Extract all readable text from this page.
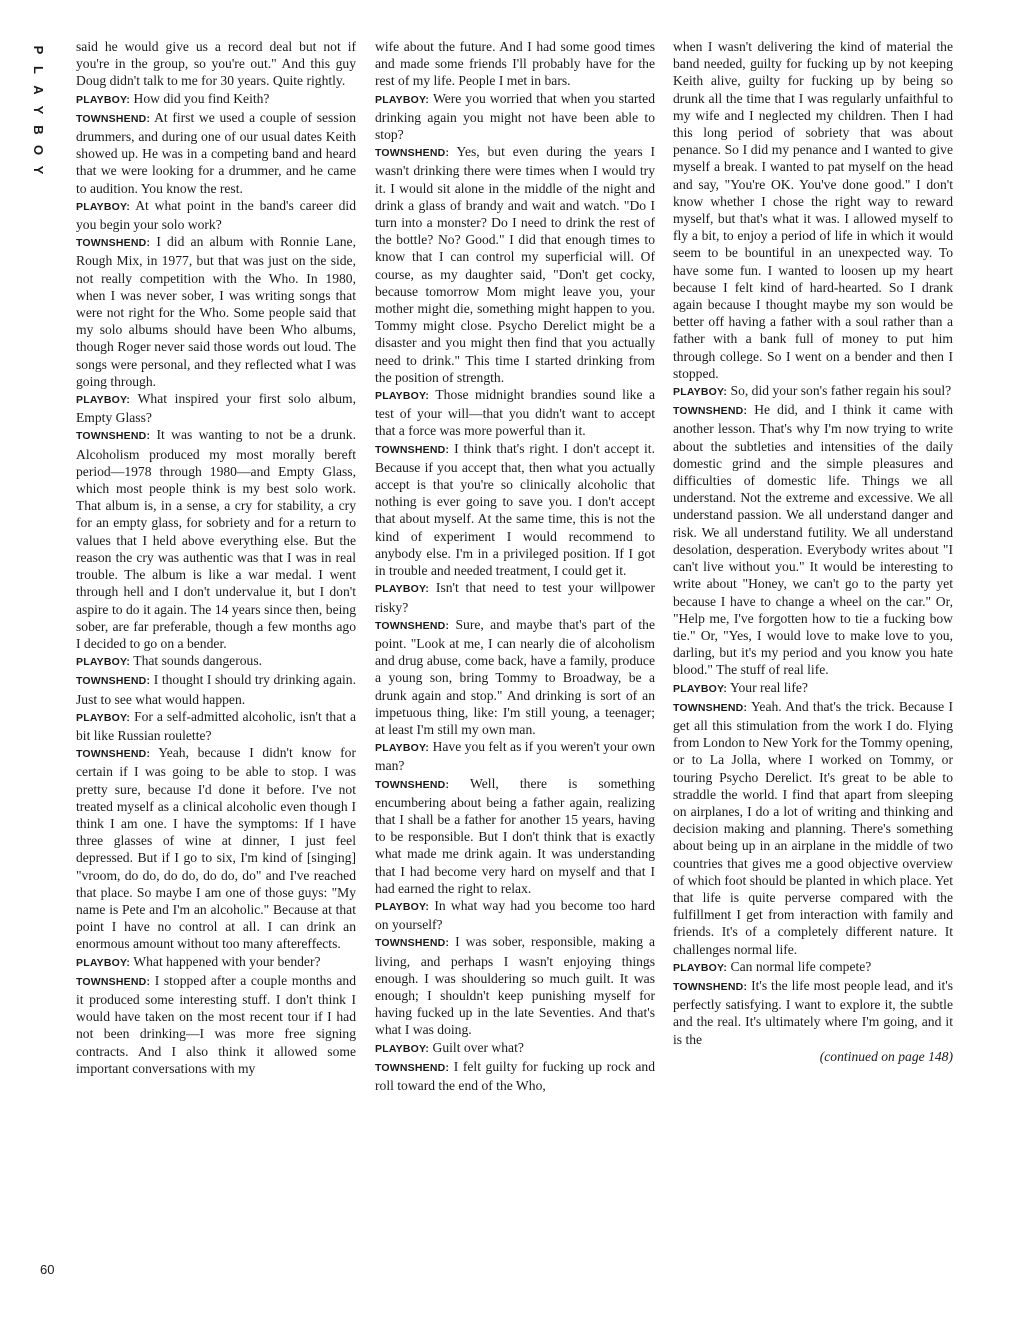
P
L
A
Y
B
O
Y
60

said he would give us a record deal but not if you're in the group, so you're out." And this guy Doug didn't talk to me for 30 years. Quite rightly.

PLAYBOY: How did you find Keith?

TOWNSHEND: At first we used a couple of session drummers, and during one of our usual dates Keith showed up. He was in a competing band and heard that we were looking for a drummer, and he came to audition. You know the rest.

PLAYBOY: At what point in the band's career did you begin your solo work?

TOWNSHEND: I did an album with Ronnie Lane, Rough Mix, in 1977, but that was just on the side, not really competition with the Who. In 1980, when I was never sober, I was writing songs that were not right for the Who. Some people said that my solo albums should have been Who albums, though Roger never said those words out loud. The songs were personal, and they reflected what I was going through.

PLAYBOY: What inspired your first solo album, Empty Glass?

TOWNSHEND: It was wanting to not be a drunk. Alcoholism produced my most morally bereft period—1978 through 1980—and Empty Glass, which most people think is my best solo work. That album is, in a sense, a cry for stability, a cry for an empty glass, for sobriety and for a return to values that I held above everything else. But the reason the cry was authentic was that I was in real trouble. The album is like a war medal. I went through hell and I don't undervalue it, but I don't aspire to do it again. The 14 years since then, being sober, are far preferable, though a few months ago I decided to go on a bender.

PLAYBOY: That sounds dangerous.

TOWNSHEND: I thought I should try drinking again. Just to see what would happen.

PLAYBOY: For a self-admitted alcoholic, isn't that a bit like Russian roulette?

TOWNSHEND: Yeah, because I didn't know for certain if I was going to be able to stop. I was pretty sure, because I'd done it before. I've not treated myself as a clinical alcoholic even though I think I am one. I have the symptoms: If I have three glasses of wine at dinner, I just feel depressed. But if I go to six, I'm kind of [singing] "vroom, do do, do do, do do, do" and I've reached that place. So maybe I am one of those guys: "My name is Pete and I'm an alcoholic." Because at that point I have no control at all. I can drink an enormous amount without too many aftereffects.

PLAYBOY: What happened with your bender?

TOWNSHEND: I stopped after a couple months and it produced some interesting stuff. I don't think I would have taken on the most recent tour if I had not been drinking—I was more free signing contracts. And I also think it allowed some important conversations with my

wife about the future. And I had some good times and made some friends I'll probably have for the rest of my life. People I met in bars.

PLAYBOY: Were you worried that when you started drinking again you might not have been able to stop?

TOWNSHEND: Yes, but even during the years I wasn't drinking there were times when I would try it. I would sit alone in the middle of the night and drink a glass of brandy and wait and watch. "Do I turn into a monster? Do I need to drink the rest of the bottle? No? Good." I did that enough times to know that I can control my superficial will. Of course, as my daughter said, "Don't get cocky, because tomorrow Mom might leave you, your mother might die, something might happen to you. Tommy might close. Psycho Derelict might be a disaster and you might then find that you actually need to drink." This time I started drinking from the position of strength.

PLAYBOY: Those midnight brandies sound like a test of your will—that you didn't want to accept that a force was more powerful than it.

TOWNSHEND: I think that's right. I don't accept it. Because if you accept that, then what you actually accept is that you're so clinically alcoholic that nothing is ever going to save you. I don't accept that about myself. At the same time, this is not the kind of experiment I would recommend to anybody else. I'm in a privileged position. If I got in trouble and needed treatment, I could get it.

PLAYBOY: Isn't that need to test your willpower risky?

TOWNSHEND: Sure, and maybe that's part of the point. "Look at me, I can nearly die of alcoholism and drug abuse, come back, have a family, produce a young son, bring Tommy to Broadway, be a drunk again and stop." And drinking is sort of an impetuous thing, like: I'm still young, a teenager; at least I'm still my own man.

PLAYBOY: Have you felt as if you weren't your own man?

TOWNSHEND: Well, there is something encumbering about being a father again, realizing that I shall be a father for another 15 years, having to be responsible. But I don't think that is exactly what made me drink again. It was understanding that I had become very hard on myself and that I had earned the right to relax.

PLAYBOY: In what way had you become too hard on yourself?

TOWNSHEND: I was sober, responsible, making a living, and perhaps I wasn't enjoying things enough. I was shouldering so much guilt. It was enough; I shouldn't keep punishing myself for having fucked up in the late Seventies. And that's what I was doing.

PLAYBOY: Guilt over what?

TOWNSHEND: I felt guilty for fucking up rock and roll toward the end of the Who,

when I wasn't delivering the kind of material the band needed, guilty for fucking up by not keeping Keith alive, guilty for fucking up by being so drunk all the time that I was regularly unfaithful to my wife and I neglected my children. Then I had this long period of sobriety that was about penance. So I did my penance and I wanted to give myself a break. I wanted to pat myself on the head and say, "You're OK. You've done good." I don't know whether I chose the right way to reward myself, but that's what it was. I allowed myself to fly a bit, to enjoy a period of life in which it would seem to be bountiful in an unexpected way. To have some fun. I wanted to loosen up my heart because I felt kind of hard-hearted. So I drank again because I thought maybe my son would be better off having a father with a soul rather than a father with a bank full of money to put him through college. So I went on a bender and then I stopped.

PLAYBOY: So, did your son's father regain his soul?

TOWNSHEND: He did, and I think it came with another lesson. That's why I'm now trying to write about the subtleties and intensities of the daily domestic grind and the simple pleasures and difficulties of domestic life. Things we all understand. Not the extreme and excessive. We all understand passion. We all understand danger and risk. We all understand futility. We all understand desolation, desperation. Everybody writes about "I can't live without you." It would be interesting to write about "Honey, we can't go to the party yet because I have to change a wheel on the car." Or, "Help me, I've forgotten how to tie a fucking bow tie." Or, "Yes, I would love to make love to you, darling, but it's my period and you know you hate blood." The stuff of real life.

PLAYBOY: Your real life?

TOWNSHEND: Yeah. And that's the trick. Because I get all this stimulation from the work I do. Flying from London to New York for the Tommy opening, or to La Jolla, where I worked on Tommy, or touring Psycho Derelict. It's great to be able to straddle the world. I find that apart from sleeping on airplanes, I do a lot of writing and thinking and decision making and planning. There's something about being up in an airplane in the middle of two countries that gives me a good objective overview of which foot should be planted in which place. Yet that life is quite perverse compared with the fulfillment I get from interaction with family and friends. It's of a completely different nature. It challenges normal life.

PLAYBOY: Can normal life compete?

TOWNSHEND: It's the life most people lead, and it's perfectly satisfying. I want to explore it, the subtle and the real. It's ultimately where I'm going, and it is the

(continued on page 148)
